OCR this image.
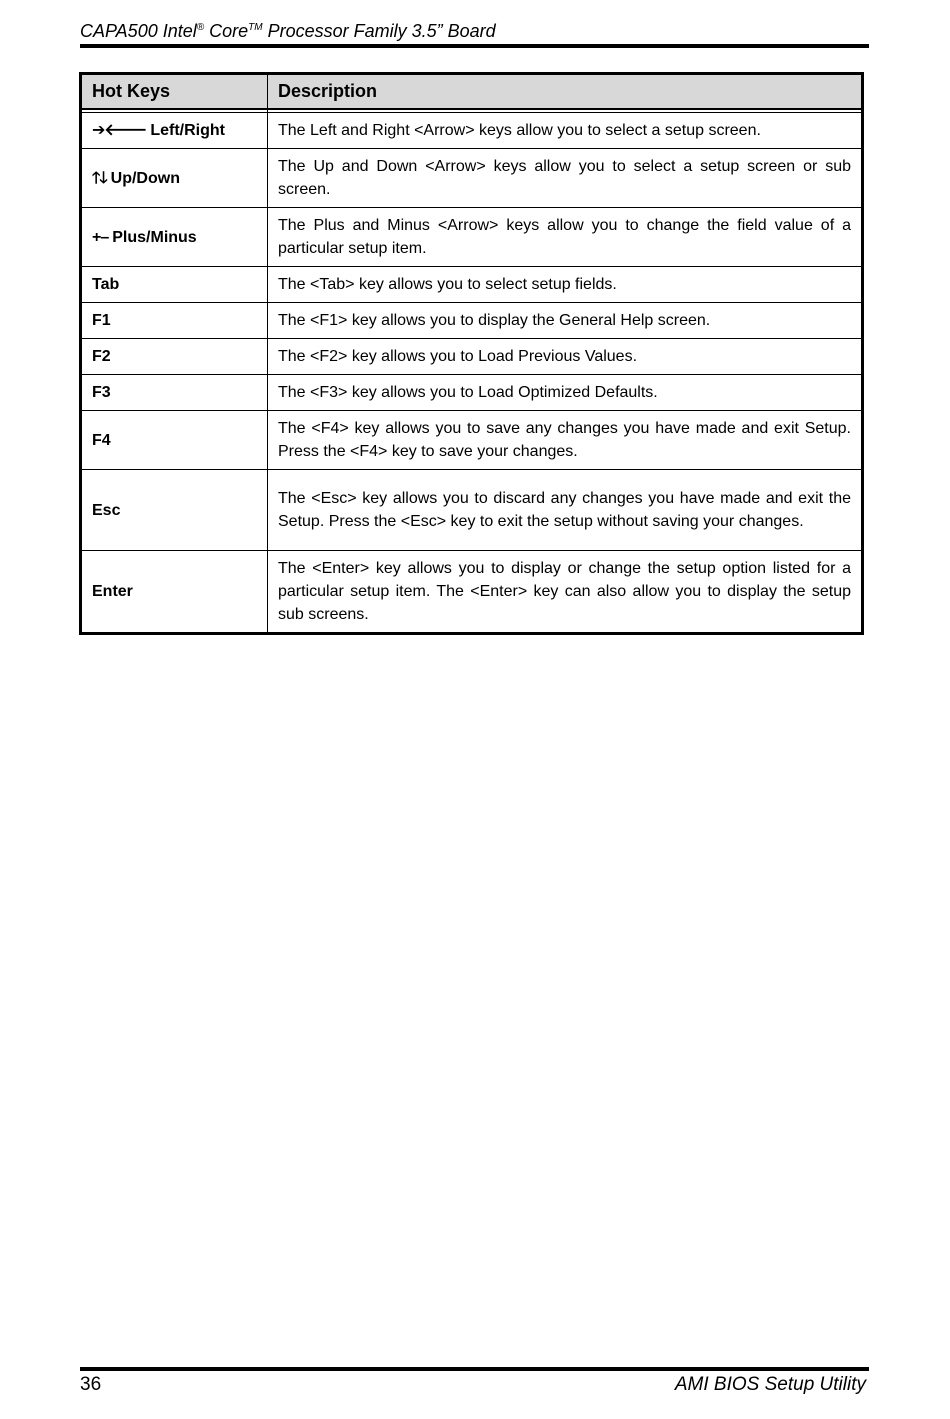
CAPA500 Intel® Core™ Processor Family 3.5” Board
Hot Keys	Description

➔🡐 Left/Right	The Left and Right <Arrow> keys allow you to select a setup screen.
🡑🡓 Up/Down	The Up and Down <Arrow> keys allow you to select a setup screen or sub screen.
+– Plus/Minus	The Plus and Minus <Arrow> keys allow you to change the field value of a particular setup item.
Tab	The <Tab> key allows you to select setup fields.
F1	The <F1> key allows you to display the General Help screen.
F2	The <F2> key allows you to Load Previous Values.
F3	The <F3> key allows you to Load Optimized Defaults.
F4	The <F4> key allows you to save any changes you have made and exit Setup. Press the <F4> key to save your changes.
Esc	The <Esc> key allows you to discard any changes you have made and exit the Setup. Press the <Esc> key to exit the setup without saving your changes.
Enter	The <Enter> key allows you to display or change the setup option listed for a particular setup item. The <Enter> key can also allow you to display the setup sub screens.
36	AMI BIOS Setup Utility
